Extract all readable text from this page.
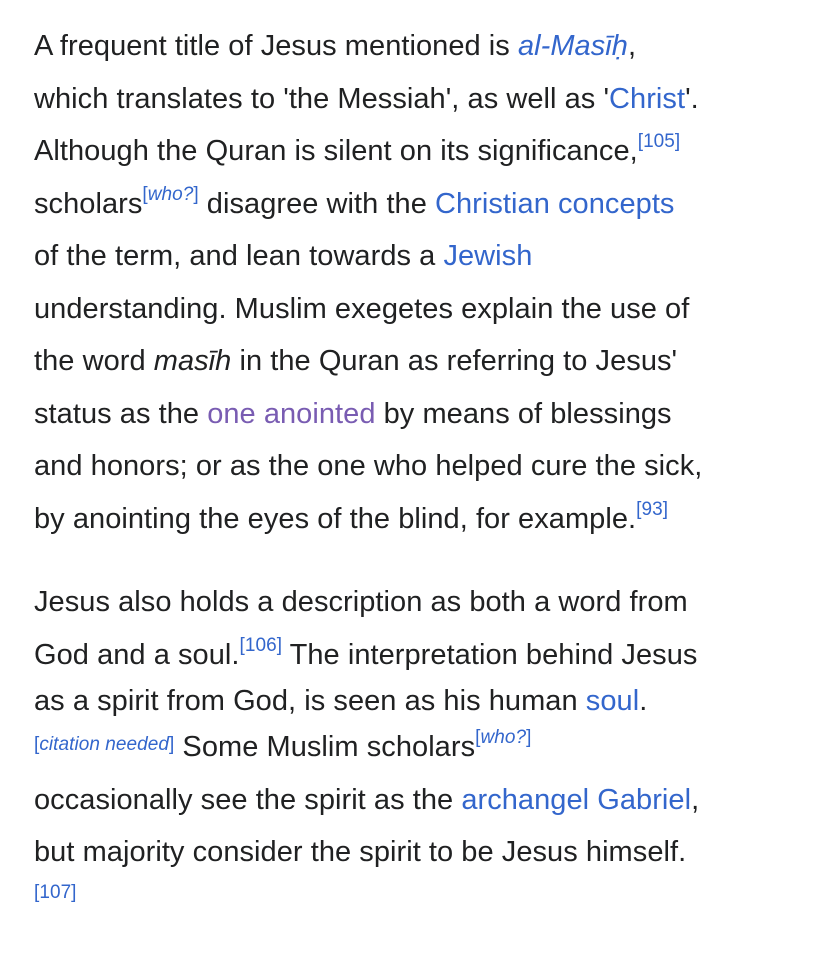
A frequent title of Jesus mentioned is al-Masīḥ,
which translates to 'the Messiah', as well as 'Christ'.
Although the Quran is silent on its significance,[105]
scholars[who?] disagree with the Christian concepts
of the term, and lean towards a Jewish
understanding. Muslim exegetes explain the use of
the word masīh in the Quran as referring to Jesus'
status as the one anointed by means of blessings
and honors; or as the one who helped cure the sick,
by anointing the eyes of the blind, for example.[93]

Jesus also holds a description as both a word from
God and a soul.[106] The interpretation behind Jesus
as a spirit from God, is seen as his human soul.
[citation needed] Some Muslim scholars[who?]
occasionally see the spirit as the archangel Gabriel,
but majority consider the spirit to be Jesus himself.
[107]
